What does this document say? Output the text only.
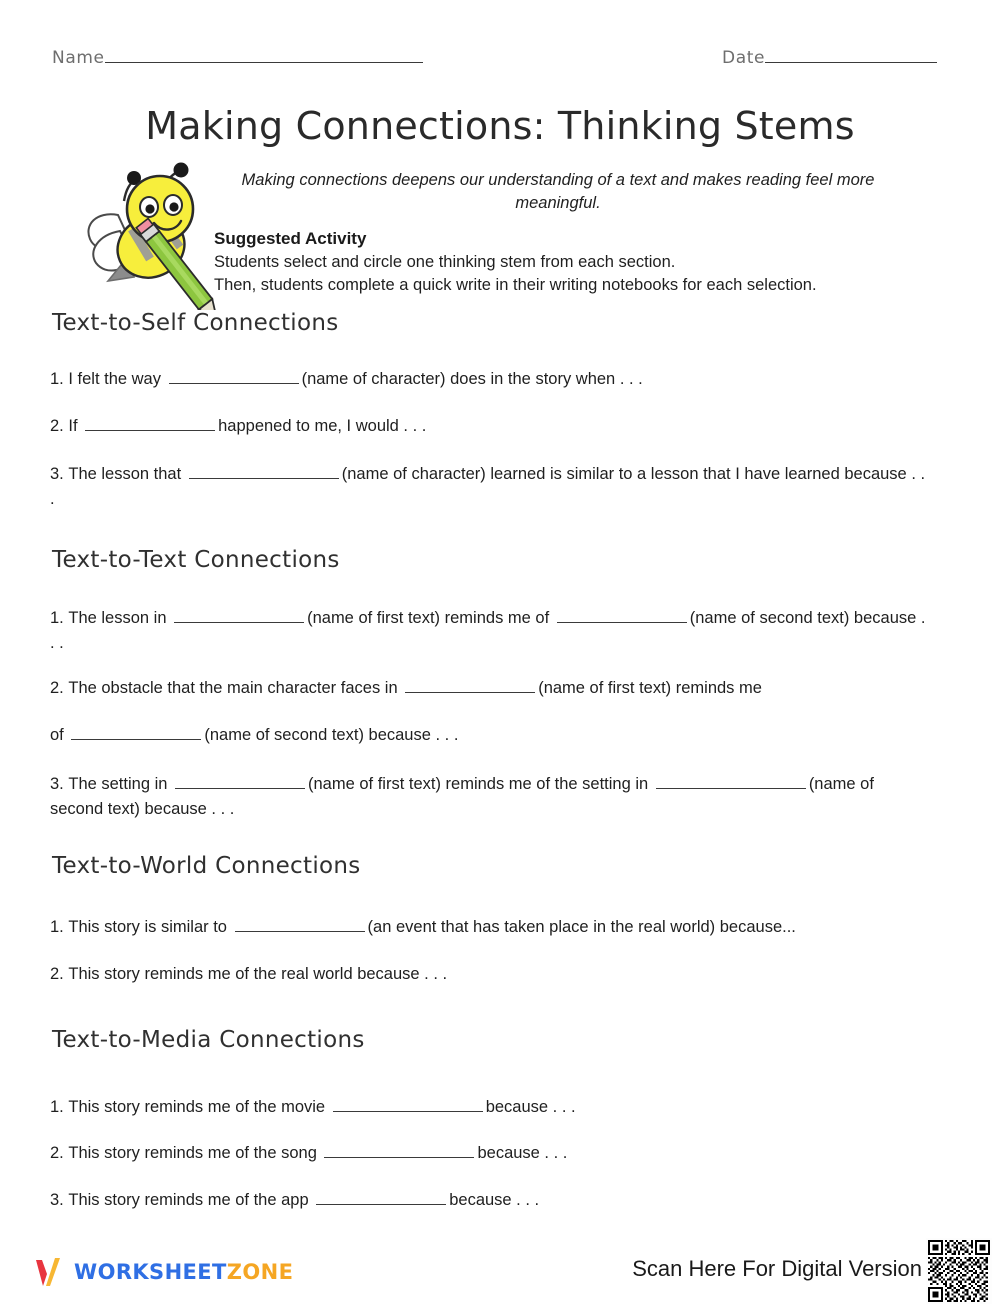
Name	Date
Making Connections: Thinking Stems
Making connections deepens our understanding of a text and makes reading feel more meaningful.
Suggested Activity
Students select and circle one thinking stem from each section.
Then, students complete a quick write in their writing notebooks for each selection.
Text-to-Self Connections
1. I felt the way	(name of character) does in the story when . . .
2. If	happened to me, I would . . .
3. The lesson that	(name of character) learned is similar to a lesson that I have learned because . . .
Text-to-Text Connections
1. The lesson in	(name of first text) reminds me of	(name of second text) because . . .
2. The obstacle that the main character faces in	(name of first text) reminds me
of	(name of second text) because . . .
3. The setting in	(name of first text) reminds me of the setting in	(name of second text) because . . .
Text-to-World Connections
1. This story is similar to	(an event that has taken place in the real world) because...
2. This story reminds me of the real world because . . .
Text-to-Media Connections
1. This story reminds me of the movie	because . . .
2. This story reminds me of the song	because . . .
3. This story reminds me of the app	because . . .
WORKSHEETZONE	Scan Here For Digital Version
